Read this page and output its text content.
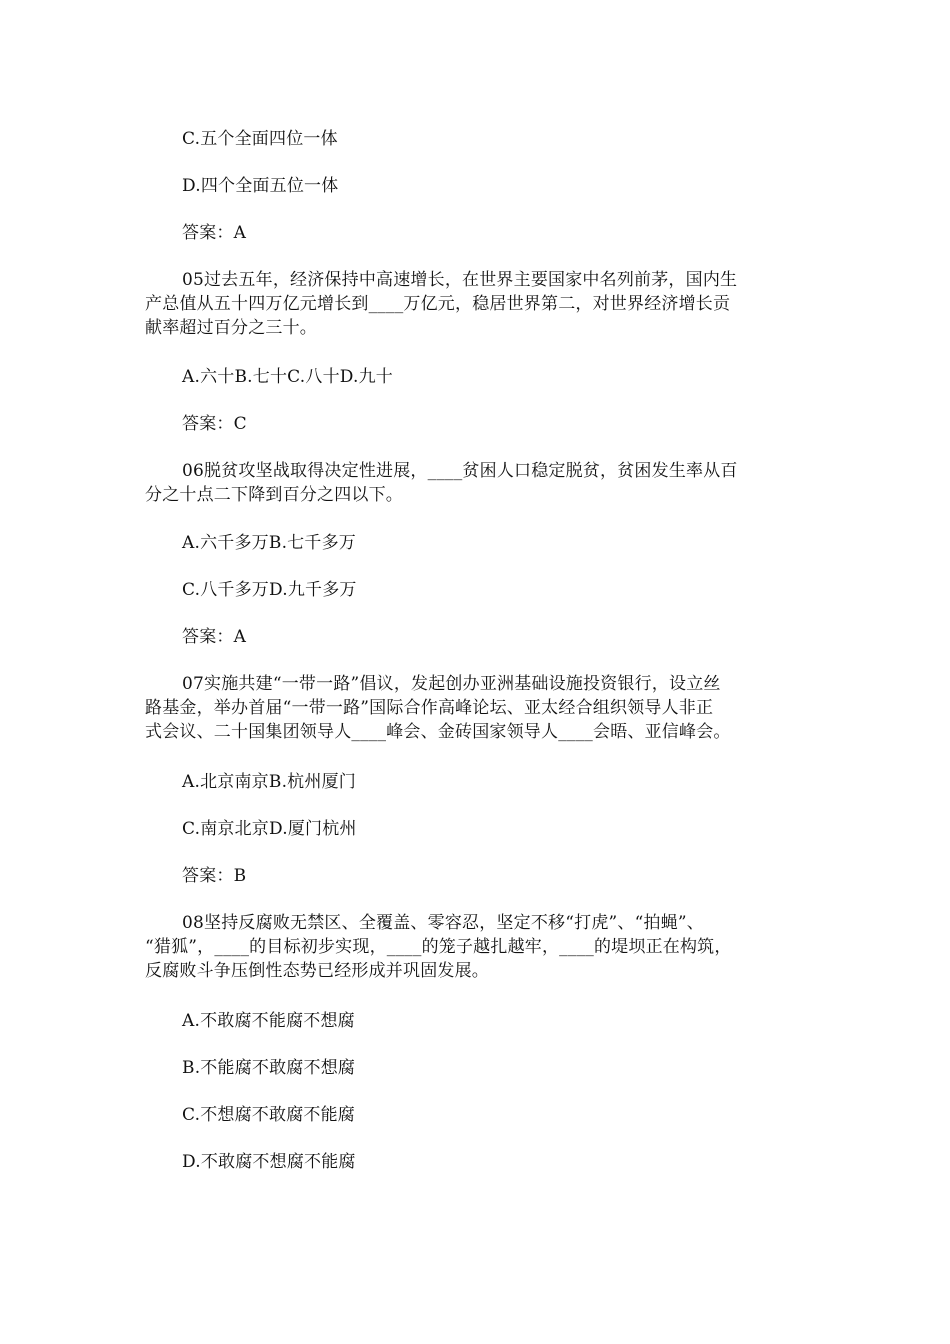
C.五个全面四位一体
D.四个全面五位一体
答案：A
05过去五年，经济保持中高速增长，在世界主要国家中名列前茅，国内生
产总值从五十四万亿元增长到____万亿元，稳居世界第二，对世界经济增长贡
献率超过百分之三十。
A.六十B.七十C.八十D.九十
答案：C
06脱贫攻坚战取得决定性进展，____贫困人口稳定脱贫，贫困发生率从百
分之十点二下降到百分之四以下。
A.六千多万B.七千多万
C.八千多万D.九千多万
答案：A
07实施共建“一带一路”倡议，发起创办亚洲基础设施投资银行，设立丝
路基金，举办首届“一带一路”国际合作高峰论坛、亚太经合组织领导人非正
式会议、二十国集团领导人____峰会、金砖国家领导人____会晤、亚信峰会。
A.北京南京B.杭州厦门
C.南京北京D.厦门杭州
答案：B
08坚持反腐败无禁区、全覆盖、零容忍，坚定不移“打虎”、“拍蝇”、
“猎狐”，____的目标初步实现，____的笼子越扎越牢，____的堤坝正在构筑，
反腐败斗争压倒性态势已经形成并巩固发展。
A.不敢腐不能腐不想腐
B.不能腐不敢腐不想腐
C.不想腐不敢腐不能腐
D.不敢腐不想腐不能腐
